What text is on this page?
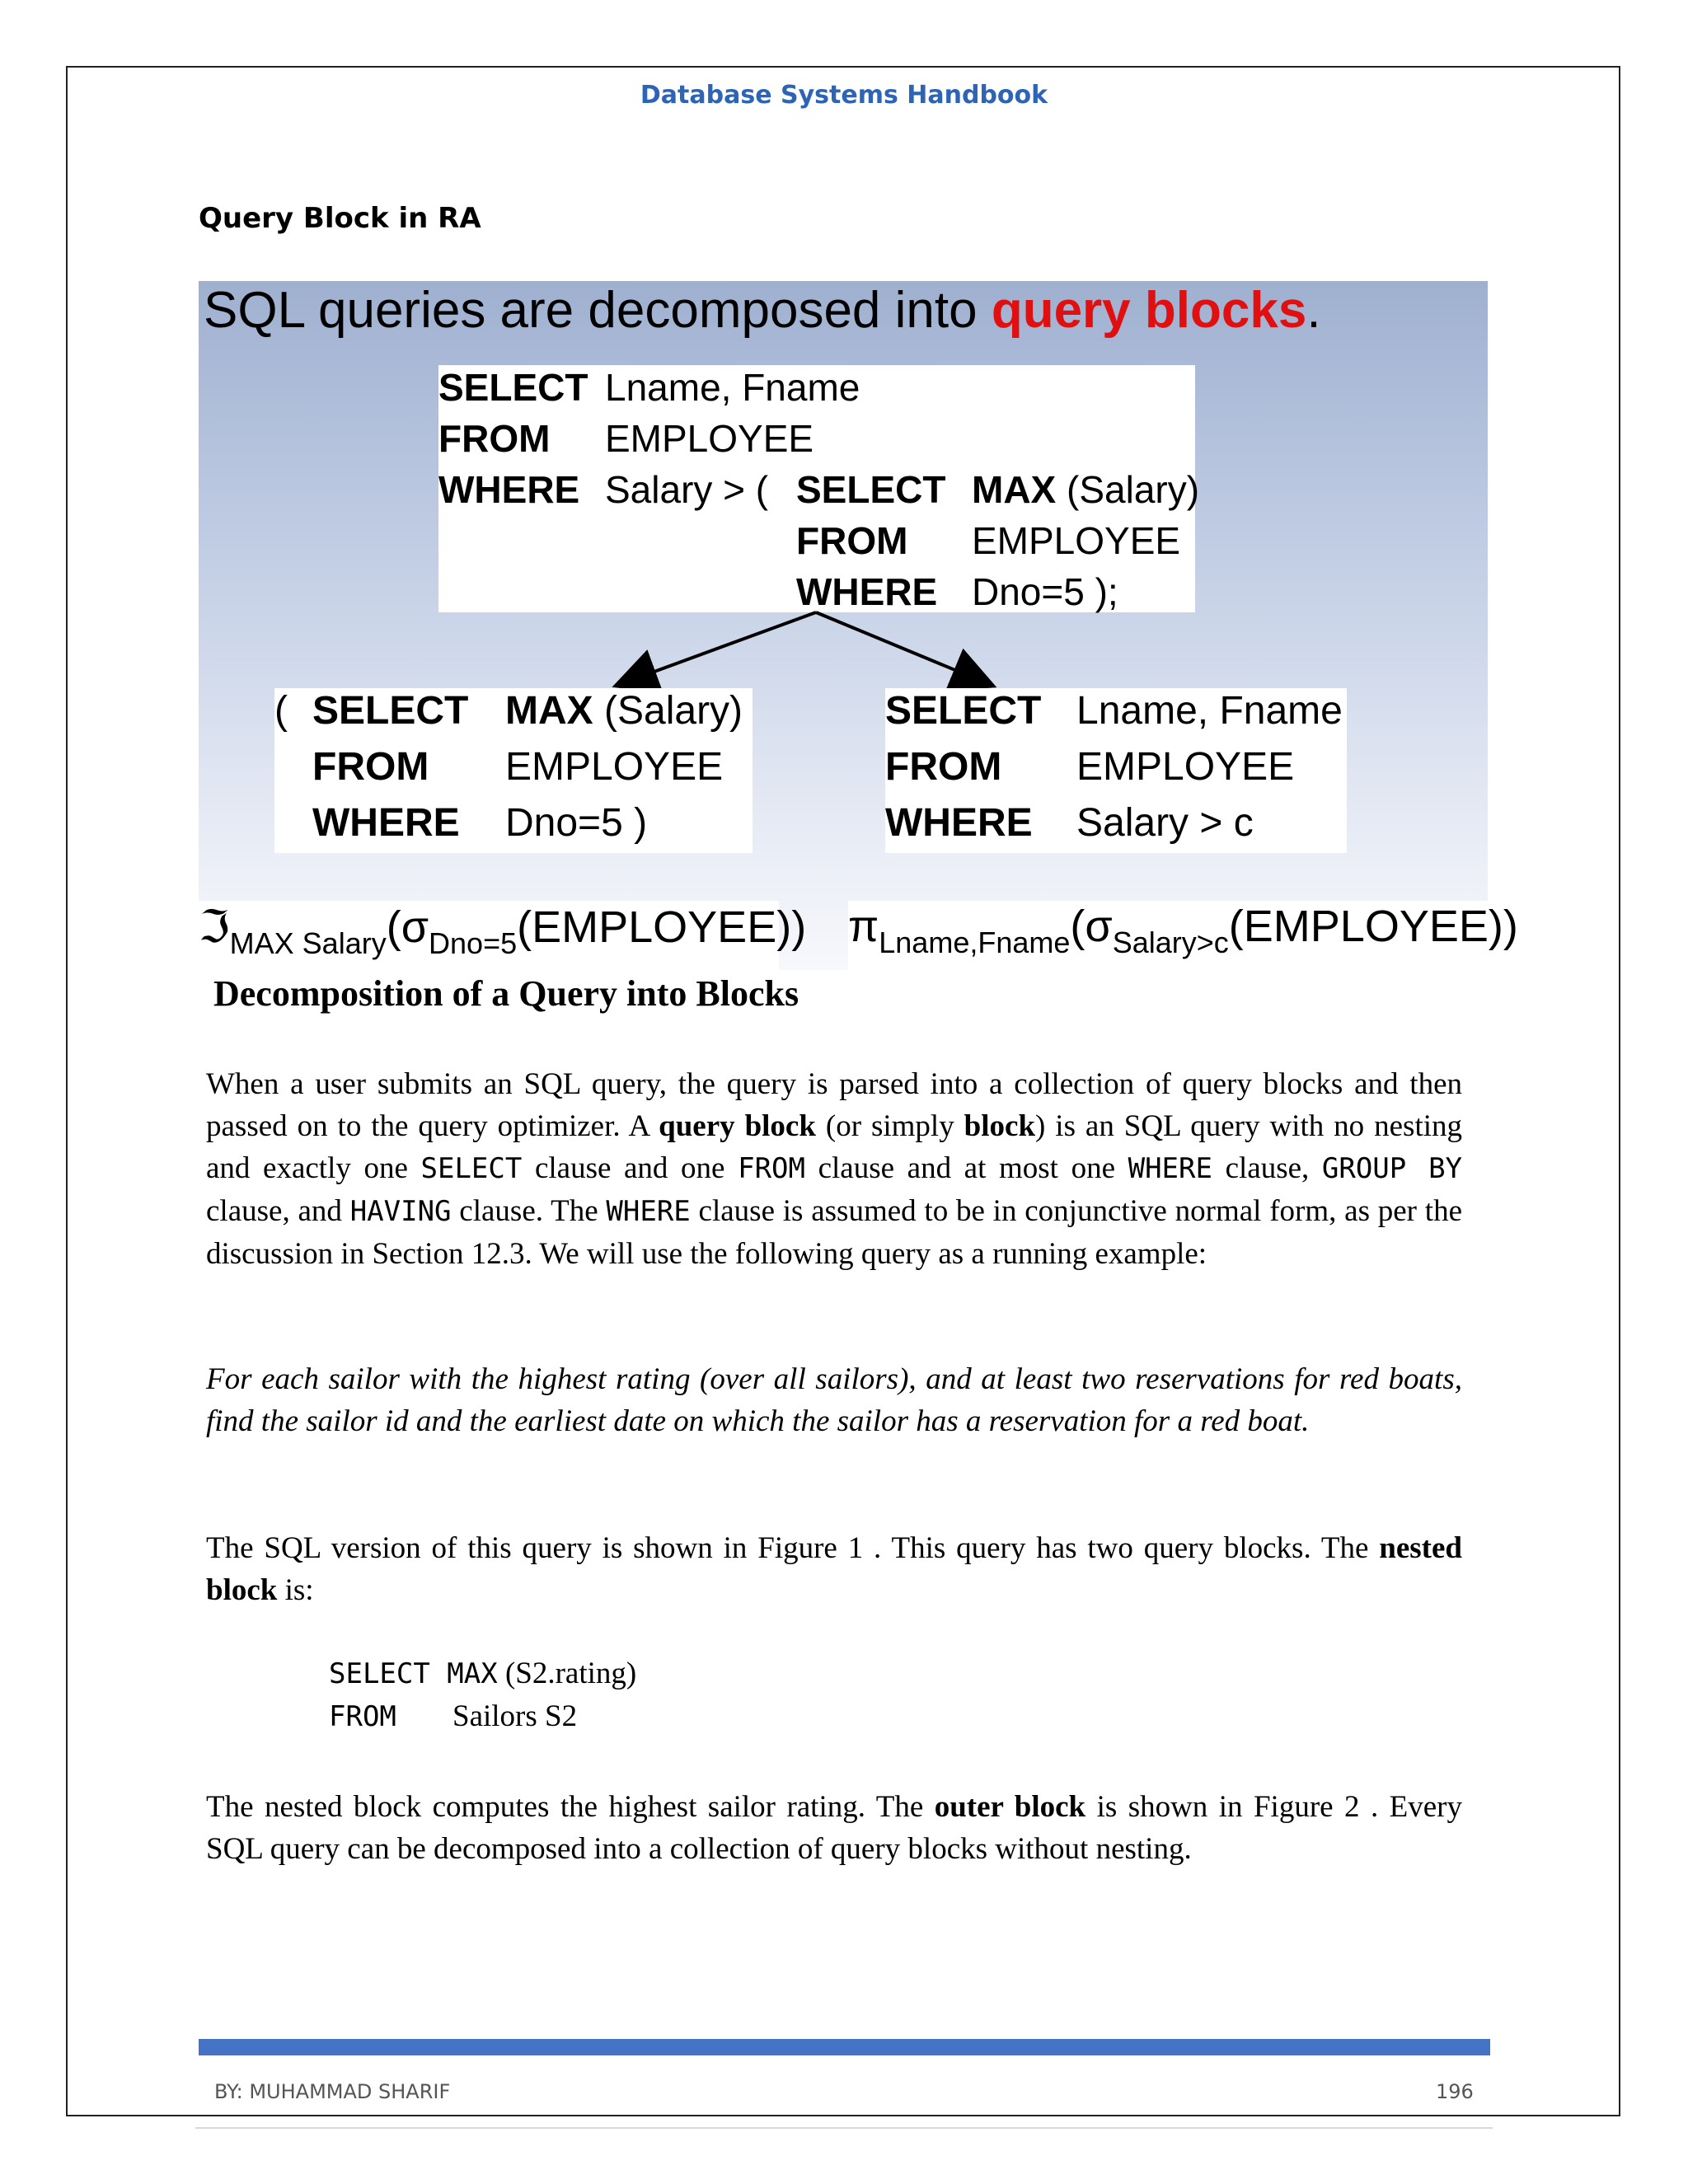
Database Systems Handbook
Query Block in RA
SQL queries are decomposed into query blocks.
SELECT Lname, Fname
FROM EMPLOYEE
WHERE Salary > ( SELECT MAX (Salary)
FROM EMPLOYEE
WHERE Dno=5 );
( SELECT MAX (Salary)
FROM EMPLOYEE
WHERE Dno=5 )
SELECT Lname, Fname
FROM EMPLOYEE
WHERE Salary > c
$ℑ_{MAX Salary}(\sigma_{Dno=5}(EMPLOYEE))$ $\pi_{Lname,Fname}(\sigma_{Salary>c}(EMPLOYEE))$
Decomposition of a Query into Blocks
When a user submits an SQL query, the query is parsed into a collection of query blocks and then passed on to the query optimizer. A query block (or simply block) is an SQL query with no nesting and exactly one SELECT clause and one FROM clause and at most one WHERE clause, GROUP BY clause, and HAVING clause. The WHERE clause is assumed to be in conjunctive normal form, as per the discussion in Section 12.3. We will use the following query as a running example:
For each sailor with the highest rating (over all sailors), and at least two reservations for red boats, find the sailor id and the earliest date on which the sailor has a reservation for a red boat.
The SQL version of this query is shown in Figure 1 . This query has two query blocks. The nested block is:
SELECT MAX (S2.rating)
FROM Sailors S2
The nested block computes the highest sailor rating. The outer block is shown in Figure 2 . Every SQL query can be decomposed into a collection of query blocks without nesting.
BY: MUHAMMAD SHARIF	196
